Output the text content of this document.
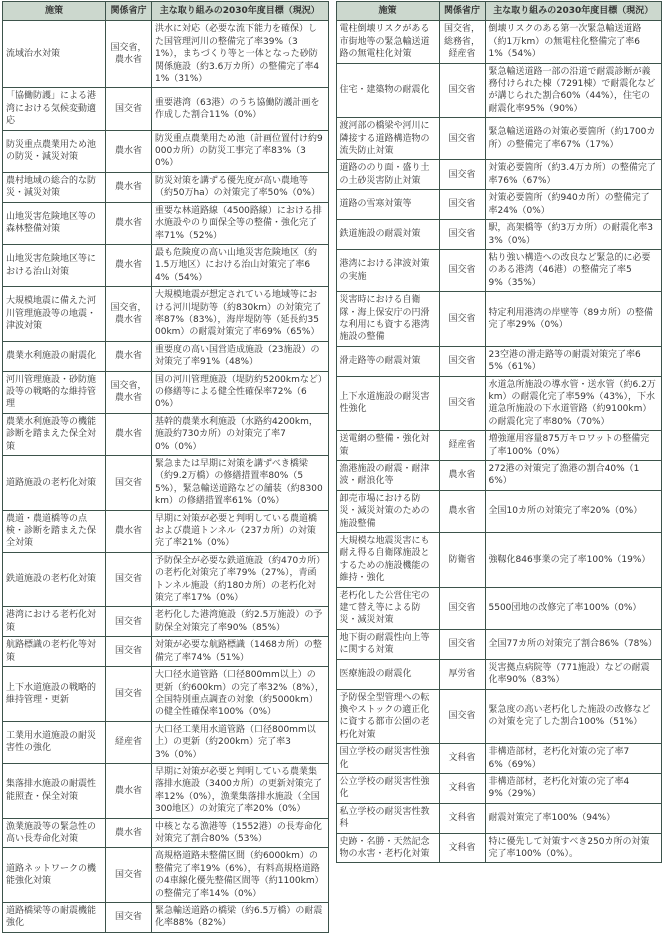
施策	関係省庁	主な取り組みの2030年度目標（現況）
流域治水対策	国交省，農水省	洪水に対応（必要な流下能力を確保）した国管理河川の整備完了率39%（31%），まちづくり等と一体となった砂防関係施設（約3.6万カ所）の整備完了率41%（31%）
「協働防護」による港湾における気候変動適応	国交省	重要港湾（63港）のうち協働防護計画を作成した割合11%（0%）
防災重点農業用ため池の防災・減災対策	農水省	防災重点農業用ため池（計画位置付け約9000カ所）の防災工事完了率83%（30%）
農村地域の総合的な防災・減災対策	農水省	防災対策を講ずる優先度が高い農地等（約50万ha）の対策完了率50%（0%）
山地災害危険地区等の森林整備対策	農水省	重要な林道路線（4500路線）における排水施設やのり面保全等の整備・強化完了率71%（52%）
山地災害危険地区等における治山対策	農水省	最も危険度の高い山地災害危険地区（約1.5万地区）における治山対策完了率64%（54%）
大規模地震に備えた河川管理施設等の地震・津波対策	国交省，農水省	大規模地震が想定されている地域等における河川堤防等（約830km）の対策完了率87%（83%），海岸堤防等（延長約3500km）の耐震対策完了率69%（65%）
農業水利施設の耐震化	農水省	重要度の高い国営造成施設（23施設）の対策完了率91%（48%）
河川管理施設・砂防施設等の戦略的な維持管理	国交省，農水省	国の河川管理施設（堤防約5200kmなど）の修繕等による健全性確保率72%（60%）
農業水利施設等の機能診断を踏まえた保全対策	農水省	基幹的農業水利施設（水路約4200km，施設約730カ所）の対策完了率70%（0%）
道路施設の老朽化対策	国交省	緊急または早期に対策を講ずべき橋梁（約9.2万橋）の修繕措置率80%（55%），緊急輸送道路などの舗装（約8300km）の修繕措置率61%（0%）
農道・農道橋等の点検・診断を踏まえた保全対策	農水省	早期に対策が必要と判明している農道橋および農道トンネル（237カ所）の対策完了率21%（0%）
鉄道施設の老朽化対策	国交省	予防保全が必要な鉄道施設（約470カ所）の老朽化対策完了率79%（27%），青函トンネル施設（約180カ所）の老朽化対策完了率17%（0%）
港湾における老朽化対策	国交省	老朽化した港湾施設（約2.5万施設）の予防保全対策完了率90%（85%）
航路標識の老朽化等対策	国交省	対策が必要な航路標識（1468カ所）の整備完了率74%（51%）
上下水道施設の戦略的維持管理・更新	国交省	大口径水道管路（口径800mm以上）の更新（約600km）の完了率32%（8%），全国特別重点調査の対象（約5000km）の健全性確保率100%（0%）
工業用水道施設の耐災害性の強化	経産省	大口径工業用水道管路（口径800mm以上）の更新（約200km）完了率33%（0%）
集落排水施設の耐震性能照査・保全対策	農水省	早期に対策が必要と判明している農業集落排水施設（3400カ所）の更新対策完了率12%（0%），漁業集落排水施設（全国300地区）の対策完了率20%（0%）
漁業施設等の緊急性の高い長寿命化対策	農水省	中核となる漁港等（1552港）の長寿命化対策完了割合80%（53%）
道路ネットワークの機能強化対策	国交省	高規格道路未整備区間（約6000km）の整備完了率19%（6%），有料高規格道路の4車線化優先整備区間等（約1100km）の整備完了率14%（0%）
道路橋梁等の耐震機能強化	国交省	緊急輸送道路の橋梁（約6.5万橋）の耐震化率88%（82%）
施策	関係省庁	主な取り組みの2030年度目標（現況）
電柱倒壊リスクがある市街地等の緊急輸送道路の無電柱化対策	国交省，総務省，経産省	倒壊リスクのある第一次緊急輸送道路（約1万km）の無電柱化整備完了率61%（54%）
住宅・建築物の耐震化	国交省	緊急輸送道路一部の沿道で耐震診断が義務付けられた棟（7291棟）で耐震化などが講じられた割合60%（44%），住宅の耐震化率95%（90%）
渡河部の橋梁や河川に隣接する道路構造物の流失防止対策	国交省	緊急輸送道路の対策必要箇所（約1700カ所）の整備完了率67%（17%）
道路ののり面・盛り土の土砂災害防止対策	国交省	対策必要箇所（約3.4万カ所）の整備完了率76%（67%）
道路の雪寒対策等	国交省	対策必要箇所（約940カ所）の整備完了率24%（0%）
鉄道施設の耐震対策	国交省	駅，高架橋等（約3万カ所）の耐震化率33%（0%）
港湾における津波対策の実施	国交省	粘り強い構造への改良など緊急的に必要のある港湾（46港）の整備完了率59%（35%）
災害時における自衛隊・海上保安庁の円滑な利用にも資する港湾施設の整備	国交省	特定利用港湾の岸壁等（89カ所）の整備完了率29%（0%）
滑走路等の耐震対策	国交省	23空港の滑走路等の耐震対策完了率65%（61%）
上下水道施設の耐災害性強化	国交省	水道急所施設の導水管・送水管（約6.2万km）の耐震化完了率59%（43%），下水道急所施設の下水道管路（約9100km）の耐震化完了率80%（70%）
送電網の整備・強化対策	経産省	増強運用容量875万キロワットの整備完了率100%（0%）
漁港施設の耐震・耐津波・耐浪化等	農水省	272港の対策完了漁港の割合40%（16%）
卸売市場における防災・減災対策のための施設整備	農水省	全国10カ所の対策完了率20%（0%）
大規模な地震災害にも耐え得る自衛隊施設とするための施設機能の維持・強化	防衛省	強靱化846事業の完了率100%（19%）
老朽化した公営住宅の建て替え等による防災・減災対策	国交省	5500団地の改修完了率100%（0%）
地下街の耐震性向上等に関する対策	国交省	全国77カ所の対策完了割合86%（78%）
医療施設の耐震化	厚労省	災害拠点病院等（771施設）などの耐震化率90%（83%）
予防保全型管理への転換やストックの適正化に資する都市公園の老朽化対策	国交省	緊急度の高い老朽化した施設の改修などの対策を完了した割合100%（51%）
国立学校の耐災害性強化	文科省	非構造部材，老朽化対策の完了率76%（69%）
公立学校の耐災害性強化	文科省	非構造部材，老朽化対策の完了率49%（29%）
私立学校の耐災害性教科	文科省	耐震対策完了率100%（94%）
史跡・名勝・天然記念物の水害・老朽化対策	文科省	特に優先して対策すべき250カ所の対策完了率100%（0%）。
